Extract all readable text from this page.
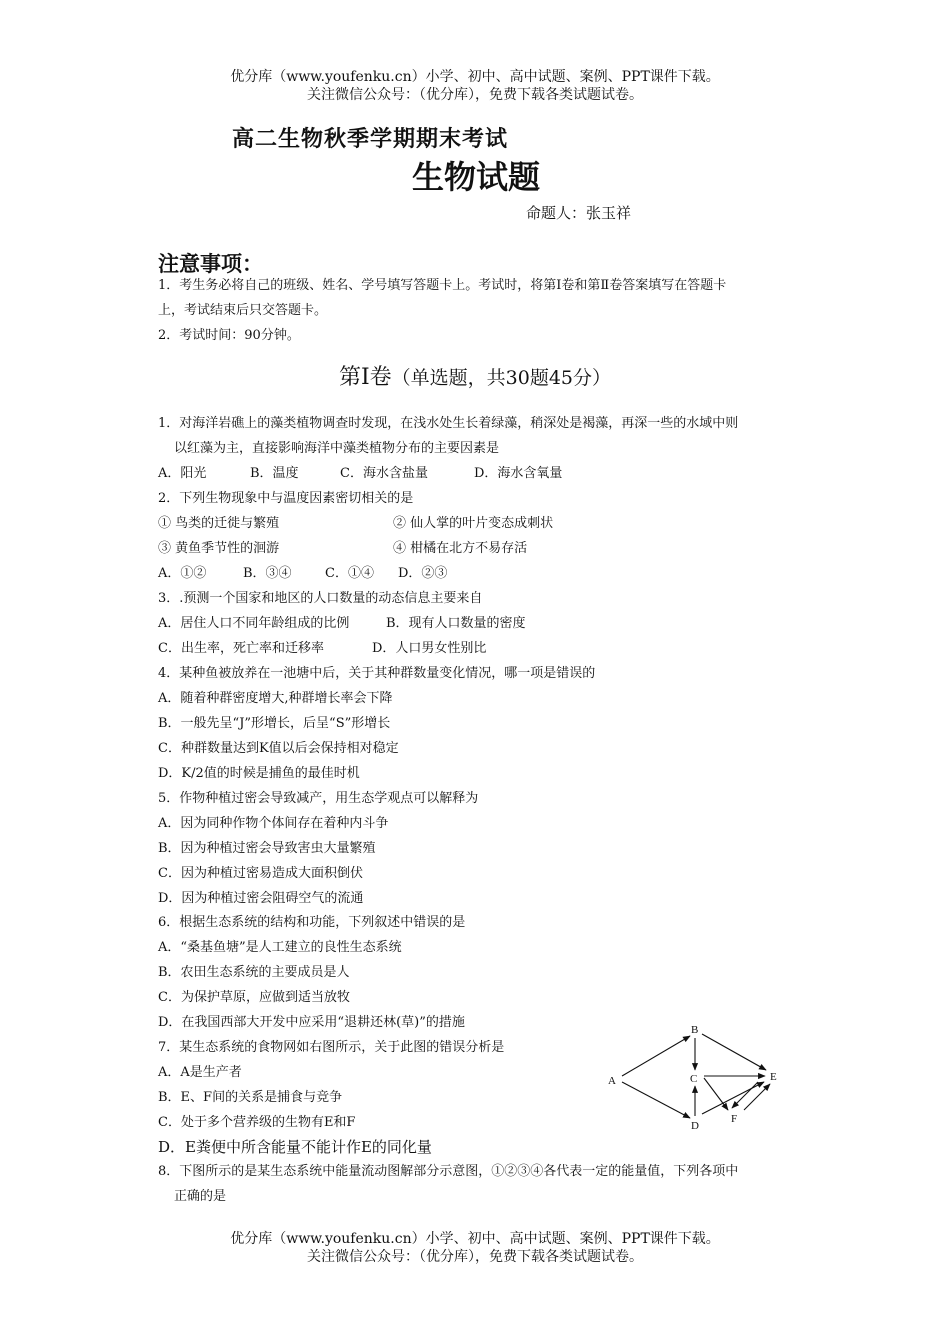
优分库（www.youfenku.cn）小学、初中、高中试题、案例、PPT课件下载。
关注微信公众号：（优分库），免费下载各类试题试卷。
高二生物秋季学期期末考试
生物试题
命题人：张玉祥
注意事项：
1．考生务必将自己的班级、姓名、学号填写答题卡上。考试时，将第Ⅰ卷和第Ⅱ卷答案填写在答题卡
上，考试结束后只交答题卡。
2．考试时间：90分钟。
第Ⅰ卷（单选题，共30题45分）
1．对海洋岩礁上的藻类植物调查时发现，在浅水处生长着绿藻，稍深处是褐藻，再深一些的水域中则
以红藻为主，直接影响海洋中藻类植物分布的主要因素是
A．阳光	B．温度	C．海水含盐量	D．海水含氧量
2．下列生物现象中与温度因素密切相关的是
① 鸟类的迁徙与繁殖	② 仙人掌的叶片变态成刺状
③ 黄鱼季节性的洄游	④ 柑橘在北方不易存活
A．①②	B．③④	C．①④ D．②③
3．.预测一个国家和地区的人口数量的动态信息主要来自
A．居住人口不同年龄组成的比例	B．现有人口数量的密度
C．出生率，死亡率和迁移率	D．人口男女性别比
4．某种鱼被放养在一池塘中后，关于其种群数量变化情况，哪一项是错误的
A．随着种群密度增大,种群增长率会下降
B．一般先呈“J”形增长，后呈“S”形增长
C．种群数量达到K值以后会保持相对稳定
D．K/2值的时候是捕鱼的最佳时机
5．作物种植过密会导致减产，用生态学观点可以解释为
A．因为同种作物个体间存在着种内斗争
B．因为种植过密会导致害虫大量繁殖
C．因为种植过密易造成大面积倒伏
D．因为种植过密会阻碍空气的流通
6．根据生态系统的结构和功能，下列叙述中错误的是
A．“桑基鱼塘”是人工建立的良性生态系统
B．农田生态系统的主要成员是人
C．为保护草原，应做到适当放牧
D．在我国西部大开发中应采用“退耕还林(草)”的措施
7．某生态系统的食物网如右图所示，关于此图的错误分析是
A．A是生产者
B．E、F间的关系是捕食与竞争
C．处于多个营养级的生物有E和F
D．E粪便中所含能量不能计作E的同化量
A
B
C
D
E
F
8．下图所示的是某生态系统中能量流动图解部分示意图，①②③④各代表一定的能量值，下列各项中
正确的是
优分库（www.youfenku.cn）小学、初中、高中试题、案例、PPT课件下载。
关注微信公众号：（优分库），免费下载各类试题试卷。
